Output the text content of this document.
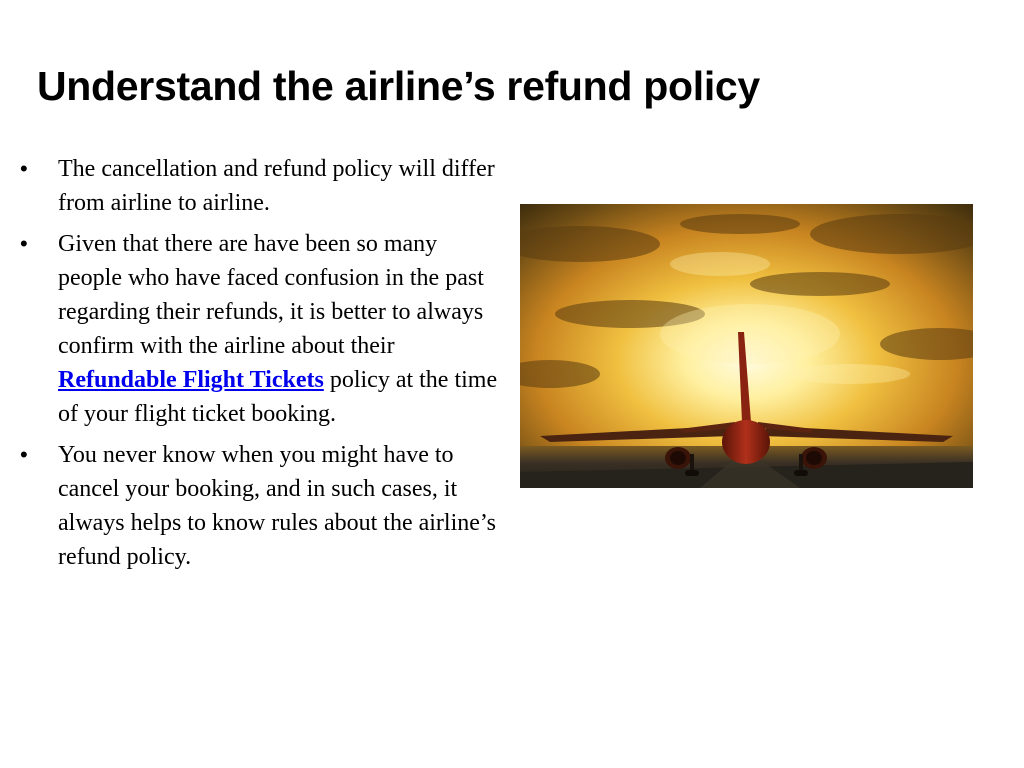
Understand the airline’s refund policy
•	The cancellation and refund policy will differ from airline to airline.
•	Given that there are have been so many people who have faced confusion in the past regarding their refunds, it is better to always confirm with the airline about their Refundable Flight Tickets policy at the time of your flight ticket booking.
•	You never know when you might have to cancel your booking, and in such cases, it always helps to know rules about the airline’s refund policy.
